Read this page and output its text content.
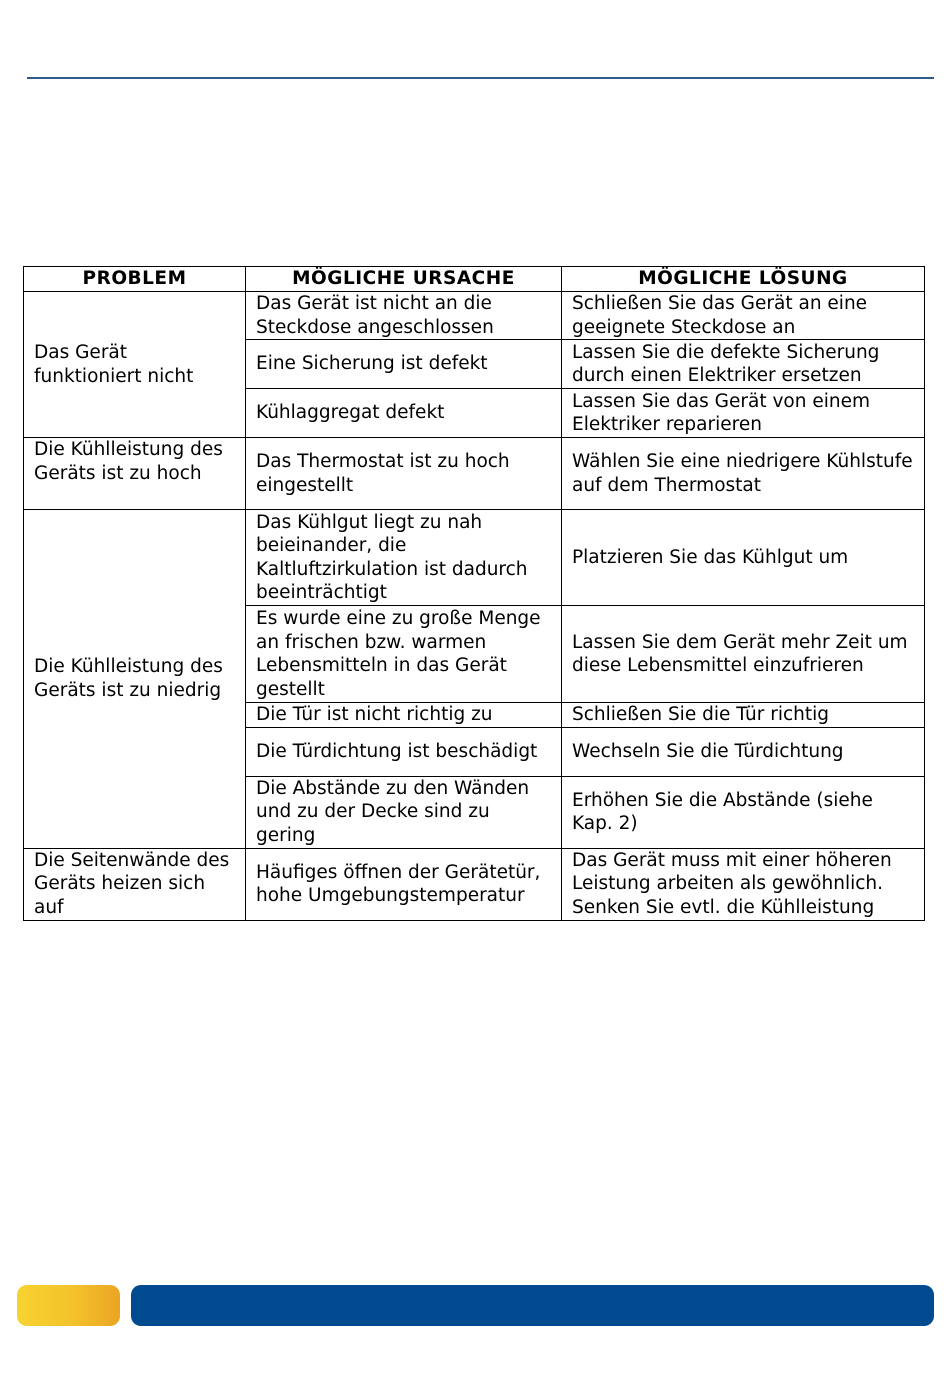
PROBLEM	MÖGLICHE URSACHE	MÖGLICHE LÖSUNG
Das Gerät funktioniert nicht	Das Gerät ist nicht an die Steckdose angeschlossen	Schließen Sie das Gerät an eine geeignete Steckdose an
	Eine Sicherung ist defekt	Lassen Sie die defekte Sicherung durch einen Elektriker ersetzen
	Kühlaggregat defekt	Lassen Sie das Gerät von einem Elektriker reparieren
Die Kühlleistung des Geräts ist zu hoch	Das Thermostat ist zu hoch eingestellt	Wählen Sie eine niedrigere Kühlstufe auf dem Thermostat
Die Kühlleistung des Geräts ist zu niedrig	Das Kühlgut liegt zu nah beieinander, die Kaltluftzirkulation ist dadurch beeinträchtigt	Platzieren Sie das Kühlgut um
	Es wurde eine zu große Menge an frischen bzw. warmen Lebensmitteln in das Gerät gestellt	Lassen Sie dem Gerät mehr Zeit um diese Lebensmittel einzufrieren
	Die Tür ist nicht richtig zu	Schließen Sie die Tür richtig
	Die Türdichtung ist beschädigt	Wechseln Sie die Türdichtung
	Die Abstände zu den Wänden und zu der Decke sind zu gering	Erhöhen Sie die Abstände (siehe Kap. 2)
Die Seitenwände des Geräts heizen sich auf	Häufiges öffnen der Gerätetür, hohe Umgebungstemperatur	Das Gerät muss mit einer höheren Leistung arbeiten als gewöhnlich. Senken Sie evtl. die Kühlleistung
